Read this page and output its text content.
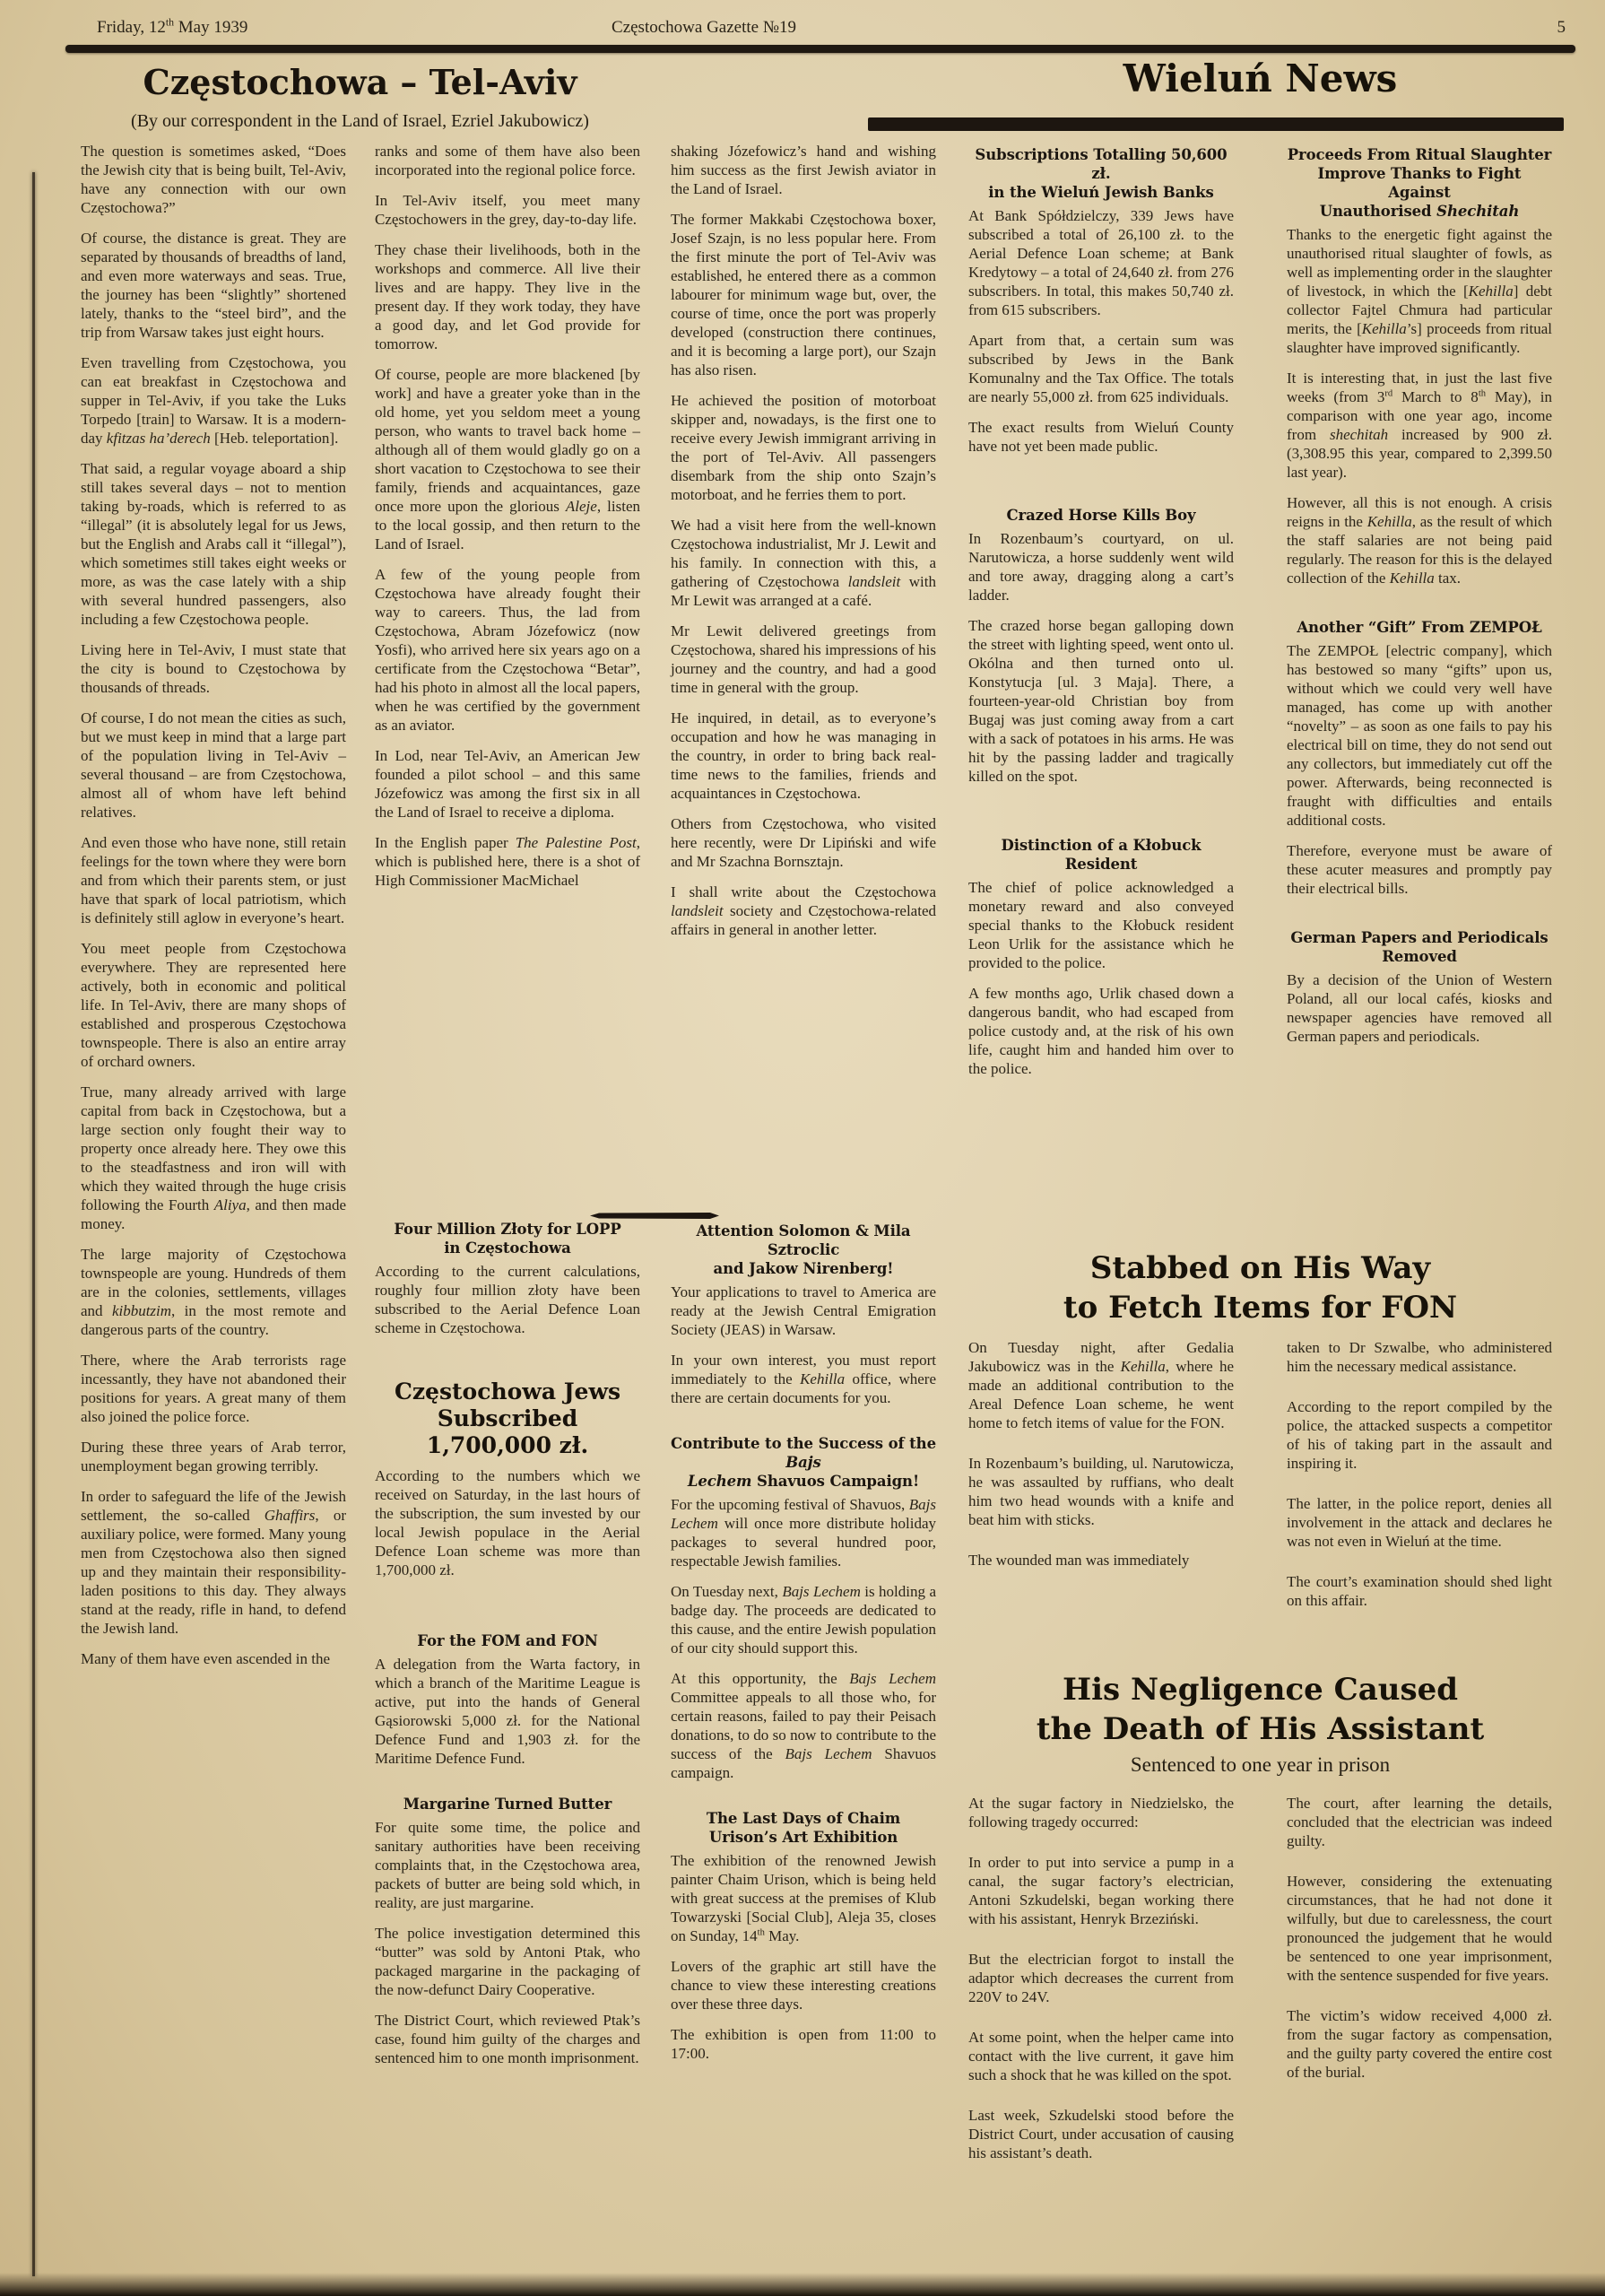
Friday, 12th May 1939	Częstochowa Gazette №19	5
Częstochowa – Tel-Aviv
(By our correspondent in the Land of Israel, Ezriel Jakubowicz)

The question is sometimes asked, “Does the Jewish city that is being built, Tel-Aviv, have any connection with our own Częstochowa?”

Of course, the distance is great. They are separated by thousands of breadths of land, and even more waterways and seas. True, the journey has been “slightly” shortened lately, thanks to the “steel bird”, and the trip from Warsaw takes just eight hours.

Even travelling from Częstochowa, you can eat breakfast in Częstochowa and supper in Tel-Aviv, if you take the Luks Torpedo [train] to Warsaw. It is a modern-day kfitzas ha’derech [Heb. teleportation].

That said, a regular voyage aboard a ship still takes several days – not to mention taking by-roads, which is referred to as “illegal” (it is absolutely legal for us Jews, but the English and Arabs call it “illegal”), which sometimes still takes eight weeks or more, as was the case lately with a ship with several hundred passengers, also including a few Częstochowa people.

Living here in Tel-Aviv, I must state that the city is bound to Częstochowa by thousands of threads.

Of course, I do not mean the cities as such, but we must keep in mind that a large part of the population living in Tel-Aviv – several thousand – are from Częstochowa, almost all of whom have left behind relatives.

And even those who have none, still retain feelings for the town where they were born and from which their parents stem, or just have that spark of local patriotism, which is definitely still aglow in everyone’s heart.

You meet people from Częstochowa everywhere. They are represented here actively, both in economic and political life. In Tel-Aviv, there are many shops of established and prosperous Częstochowa townspeople. There is also an entire array of orchard owners.

True, many already arrived with large capital from back in Częstochowa, but a large section only fought their way to property once already here. They owe this to the steadfastness and iron will with which they waited through the huge crisis following the Fourth Aliya, and then made money.

The large majority of Częstochowa townspeople are young. Hundreds of them are in the colonies, settlements, villages and kibbutzim, in the most remote and dangerous parts of the country.

There, where the Arab terrorists rage incessantly, they have not abandoned their positions for years. A great many of them also joined the police force.

During these three years of Arab terror, unemployment began growing terribly.

In order to safeguard the life of the Jewish settlement, the so-called Ghaffirs, or auxiliary police, were formed. Many young men from Częstochowa also then signed up and they maintain their responsibility-laden positions to this day. They always stand at the ready, rifle in hand, to defend the Jewish land.

Many of them have even ascended in the

ranks and some of them have also been incorporated into the regional police force.

In Tel-Aviv itself, you meet many Częstochowers in the grey, day-to-day life.

They chase their livelihoods, both in the workshops and commerce. All live their lives and are happy. They live in the present day. If they work today, they have a good day, and let God provide for tomorrow.

Of course, people are more blackened [by work] and have a greater yoke than in the old home, yet you seldom meet a young person, who wants to travel back home – although all of them would gladly go on a short vacation to Częstochowa to see their family, friends and acquaintances, gaze once more upon the glorious Aleje, listen to the local gossip, and then return to the Land of Israel.

A few of the young people from Częstochowa have already fought their way to careers. Thus, the lad from Częstochowa, Abram Józefowicz (now Yosfi), who arrived here six years ago on a certificate from the Częstochowa “Betar”, had his photo in almost all the local papers, when he was certified by the government as an aviator.

In Lod, near Tel-Aviv, an American Jew founded a pilot school – and this same Józefowicz was among the first six in all the Land of Israel to receive a diploma.

In the English paper The Palestine Post, which is published here, there is a shot of High Commissioner MacMichael

shaking Józefowicz’s hand and wishing him success as the first Jewish aviator in the Land of Israel.

The former Makkabi Częstochowa boxer, Josef Szajn, is no less popular here. From the first minute the port of Tel-Aviv was established, he entered there as a common labourer for minimum wage but, over, the course of time, once the port was properly developed (construction there continues, and it is becoming a large port), our Szajn has also risen.

He achieved the position of motorboat skipper and, nowadays, is the first one to receive every Jewish immigrant arriving in the port of Tel-Aviv. All passengers disembark from the ship onto Szajn’s motorboat, and he ferries them to port.

We had a visit here from the well-known Częstochowa industrialist, Mr J. Lewit and his family. In connection with this, a gathering of Częstochowa landsleit with Mr Lewit was arranged at a café.

Mr Lewit delivered greetings from Częstochowa, shared his impressions of his journey and the country, and had a good time in general with the group.

He inquired, in detail, as to everyone’s occupation and how he was managing in the country, in order to bring back real-time news to the families, friends and acquaintances in Częstochowa.

Others from Częstochowa, who visited here recently, were Dr Lipiński and wife and Mr Szachna Bornsztajn.

I shall write about the Częstochowa landsleit society and Częstochowa-related affairs in general in another letter.

Four Million Złoty for LOPP
in Częstochowa

According to the current calculations, roughly four million złoty have been subscribed to the Aerial Defence Loan scheme in Częstochowa.

Częstochowa Jews
Subscribed 1,700,000 zł.

According to the numbers which we received on Saturday, in the last hours of the subscription, the sum invested by our local Jewish populace in the Aerial Defence Loan scheme was more than 1,700,000 zł.

For the FOM and FON

A delegation from the Warta factory, in which a branch of the Maritime League is active, put into the hands of General Gąsiorowski 5,000 zł. for the National Defence Fund and 1,903 zł. for the Maritime Defence Fund.

Margarine Turned Butter

For quite some time, the police and sanitary authorities have been receiving complaints that, in the Częstochowa area, packets of butter are being sold which, in reality, are just margarine.

The police investigation determined this “butter” was sold by Antoni Ptak, who packaged margarine in the packaging of the now-defunct Dairy Cooperative.

The District Court, which reviewed Ptak’s case, found him guilty of the charges and sentenced him to one month imprisonment.

Attention Solomon & Mila Sztroclic
and Jakow Nirenberg!

Your applications to travel to America are ready at the Jewish Central Emigration Society (JEAS) in Warsaw.

In your own interest, you must report immediately to the Kehilla office, where there are certain documents for you.

Contribute to the Success of the Bajs
Lechem Shavuos Campaign!

For the upcoming festival of Shavuos, Bajs Lechem will once more distribute holiday packages to several hundred poor, respectable Jewish families.

On Tuesday next, Bajs Lechem is holding a badge day. The proceeds are dedicated to this cause, and the entire Jewish population of our city should support this.

At this opportunity, the Bajs Lechem Committee appeals to all those who, for certain reasons, failed to pay their Peisach donations, to do so now to contribute to the success of the Bajs Lechem Shavuos campaign.

The Last Days of Chaim
Urison’s Art Exhibition

The exhibition of the renowned Jewish painter Chaim Urison, which is being held with great success at the premises of Klub Towarzyski [Social Club], Aleja 35, closes on Sunday, 14th May.

Lovers of the graphic art still have the chance to view these interesting creations over these three days.

The exhibition is open from 11:00 to 17:00.

Wieluń News
Subscriptions Totalling 50,600 zł.
in the Wieluń Jewish Banks

At Bank Spółdzielczy, 339 Jews have subscribed a total of 26,100 zł. to the Aerial Defence Loan scheme; at Bank Kredytowy – a total of 24,640 zł. from 276 subscribers. In total, this makes 50,740 zł. from 615 subscribers.

Apart from that, a certain sum was subscribed by Jews in the Bank Komunalny and the Tax Office. The totals are nearly 55,000 zł. from 625 individuals.

The exact results from Wieluń County have not yet been made public.

Crazed Horse Kills Boy

In Rozenbaum’s courtyard, on ul. Narutowicza, a horse suddenly went wild and tore away, dragging along a cart’s ladder.

The crazed horse began galloping down the street with lighting speed, went onto ul. Okólna and then turned onto ul. Konstytucja [ul. 3 Maja]. There, a fourteen-year-old Christian boy from Bugaj was just coming away from a cart with a sack of potatoes in his arms. He was hit by the passing ladder and tragically killed on the spot.

Distinction of a Kłobuck Resident

The chief of police acknowledged a monetary reward and also conveyed special thanks to the Kłobuck resident Leon Urlik for the assistance which he provided to the police.

A few months ago, Urlik chased down a dangerous bandit, who had escaped from police custody and, at the risk of his own life, caught him and handed him over to the police.

Proceeds From Ritual Slaughter
Improve Thanks to Fight Against
Unauthorised Shechitah

Thanks to the energetic fight against the unauthorised ritual slaughter of fowls, as well as implementing order in the slaughter of livestock, in which the [Kehilla] debt collector Fajtel Chmura had particular merits, the [Kehilla’s] proceeds from ritual slaughter have improved significantly.

It is interesting that, in just the last five weeks (from 3rd March to 8th May), in comparison with one year ago, income from shechitah increased by 900 zł. (3,308.95 this year, compared to 2,399.50 last year).

However, all this is not enough. A crisis reigns in the Kehilla, as the result of which the staff salaries are not being paid regularly. The reason for this is the delayed collection of the Kehilla tax.

Another “Gift” From ZEMPOŁ

The ZEMPOŁ [electric company], which has bestowed so many “gifts” upon us, without which we could very well have managed, has come up with another “novelty” – as soon as one fails to pay his electrical bill on time, they do not send out any collectors, but immediately cut off the power. Afterwards, being reconnected is fraught with difficulties and entails additional costs.

Therefore, everyone must be aware of these acuter measures and promptly pay their electrical bills.

German Papers and Periodicals
Removed

By a decision of the Union of Western Poland, all our local cafés, kiosks and newspaper agencies have removed all German papers and periodicals.

Stabbed on His Way
to Fetch Items for FON

On Tuesday night, after Gedalia Jakubowicz was in the Kehilla, where he made an additional contribution to the Areal Defence Loan scheme, he went home to fetch items of value for the FON.

In Rozenbaum’s building, ul. Narutowicza, he was assaulted by ruffians, who dealt him two head wounds with a knife and beat him with sticks.

The wounded man was immediately

taken to Dr Szwalbe, who administered him the necessary medical assistance.

According to the report compiled by the police, the attacked suspects a competitor of his of taking part in the assault and inspiring it.

The latter, in the police report, denies all involvement in the attack and declares he was not even in Wieluń at the time.

The court’s examination should shed light on this affair.

His Negligence Caused
the Death of His Assistant
Sentenced to one year in prison

At the sugar factory in Niedzielsko, the following tragedy occurred:

In order to put into service a pump in a canal, the sugar factory’s electrician, Antoni Szkudelski, began working there with his assistant, Henryk Brzeziński.

But the electrician forgot to install the adaptor which decreases the current from 220V to 24V.

At some point, when the helper came into contact with the live current, it gave him such a shock that he was killed on the spot.

Last week, Szkudelski stood before the District Court, under accusation of causing his assistant’s death.

The court, after learning the details, concluded that the electrician was indeed guilty.

However, considering the extenuating circumstances, that he had not done it wilfully, but due to carelessness, the court pronounced the judgement that he would be sentenced to one year imprisonment, with the sentence suspended for five years.

The victim’s widow received 4,000 zł. from the sugar factory as compensation, and the guilty party covered the entire cost of the burial.
